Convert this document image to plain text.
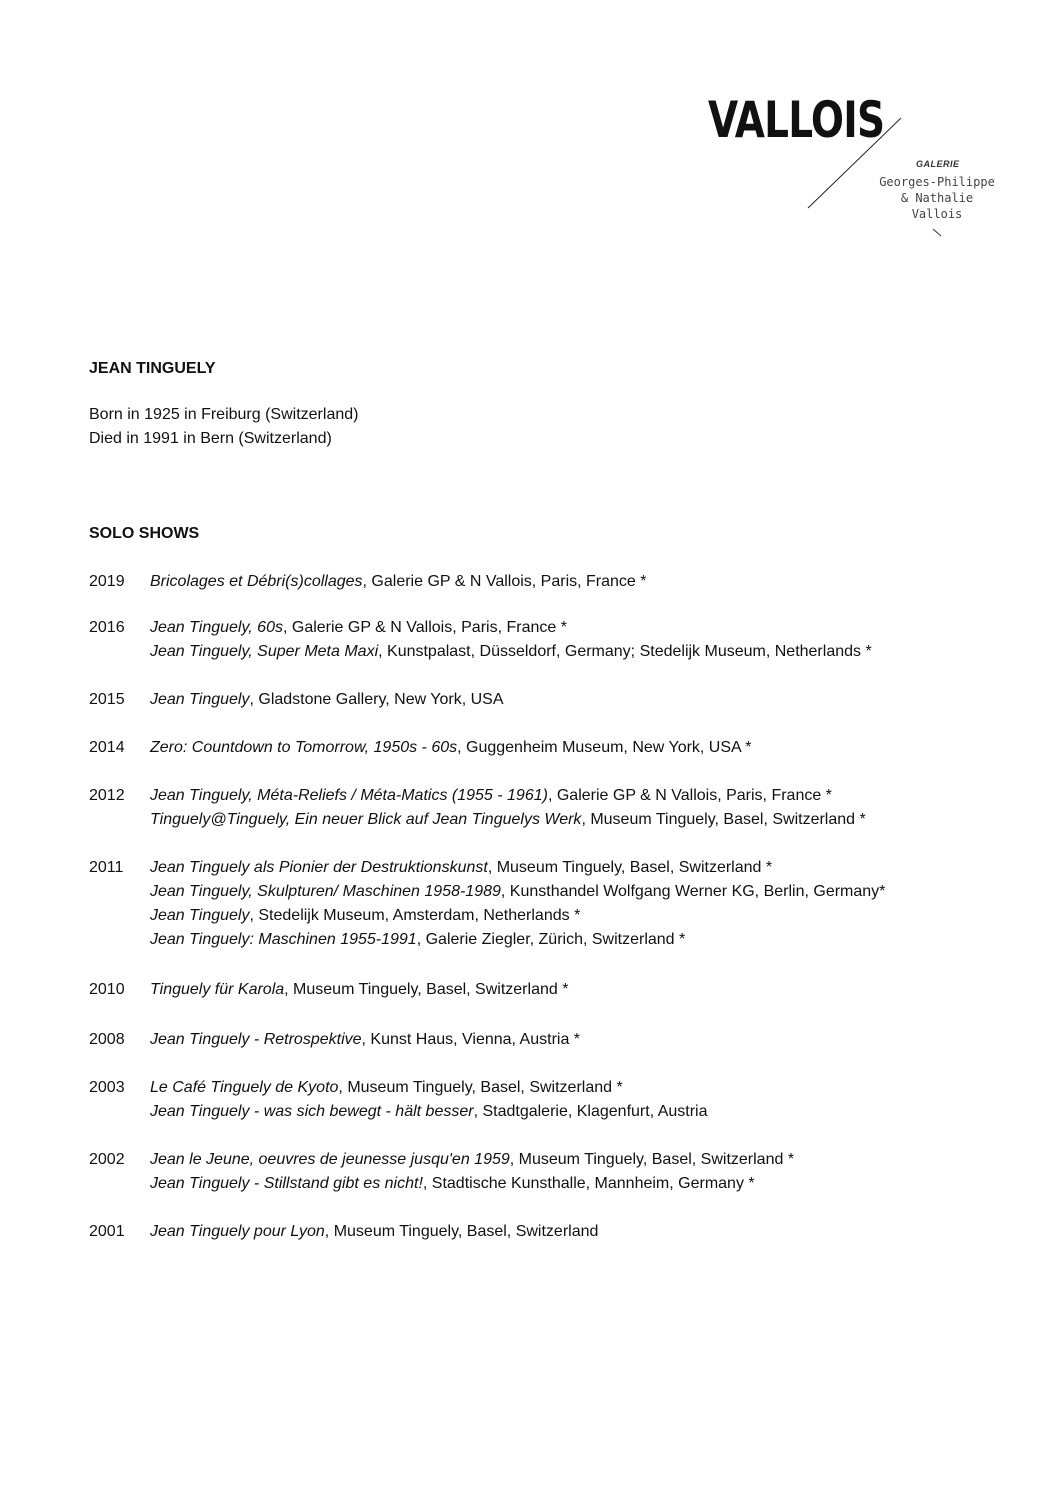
VALLOIS
GALERIE
Georges-Philippe
& Nathalie
Vallois
JEAN TINGUELY
Born in 1925 in Freiburg (Switzerland)
Died in 1991 in Bern (Switzerland)
SOLO SHOWS
2019	Bricolages et Débri(s)collages, Galerie GP & N Vallois, Paris, France *
2016	Jean Tinguely, 60s, Galerie GP & N Vallois, Paris, France *
Jean Tinguely, Super Meta Maxi, Kunstpalast, Düsseldorf, Germany; Stedelijk Museum, Netherlands *
2015	Jean Tinguely, Gladstone Gallery, New York, USA
2014	Zero: Countdown to Tomorrow, 1950s - 60s, Guggenheim Museum, New York, USA *
2012	Jean Tinguely, Méta-Reliefs / Méta-Matics (1955 - 1961), Galerie GP & N Vallois, Paris, France *
Tinguely@Tinguely, Ein neuer Blick auf Jean Tinguelys Werk, Museum Tinguely, Basel, Switzerland *
2011	Jean Tinguely als Pionier der Destruktionskunst, Museum Tinguely, Basel, Switzerland *
Jean Tinguely, Skulpturen/ Maschinen 1958-1989, Kunsthandel Wolfgang Werner KG, Berlin, Germany*
Jean Tinguely, Stedelijk Museum, Amsterdam, Netherlands *
Jean Tinguely: Maschinen 1955-1991, Galerie Ziegler, Zürich, Switzerland *
2010	Tinguely für Karola, Museum Tinguely, Basel, Switzerland *
2008	Jean Tinguely - Retrospektive, Kunst Haus, Vienna, Austria *
2003	Le Café Tinguely de Kyoto, Museum Tinguely, Basel, Switzerland *
Jean Tinguely - was sich bewegt - hält besser, Stadtgalerie, Klagenfurt, Austria
2002	Jean le Jeune, oeuvres de jeunesse jusqu'en 1959, Museum Tinguely, Basel, Switzerland *
Jean Tinguely - Stillstand gibt es nicht!, Stadtische Kunsthalle, Mannheim, Germany *
2001	Jean Tinguely pour Lyon, Museum Tinguely, Basel, Switzerland
